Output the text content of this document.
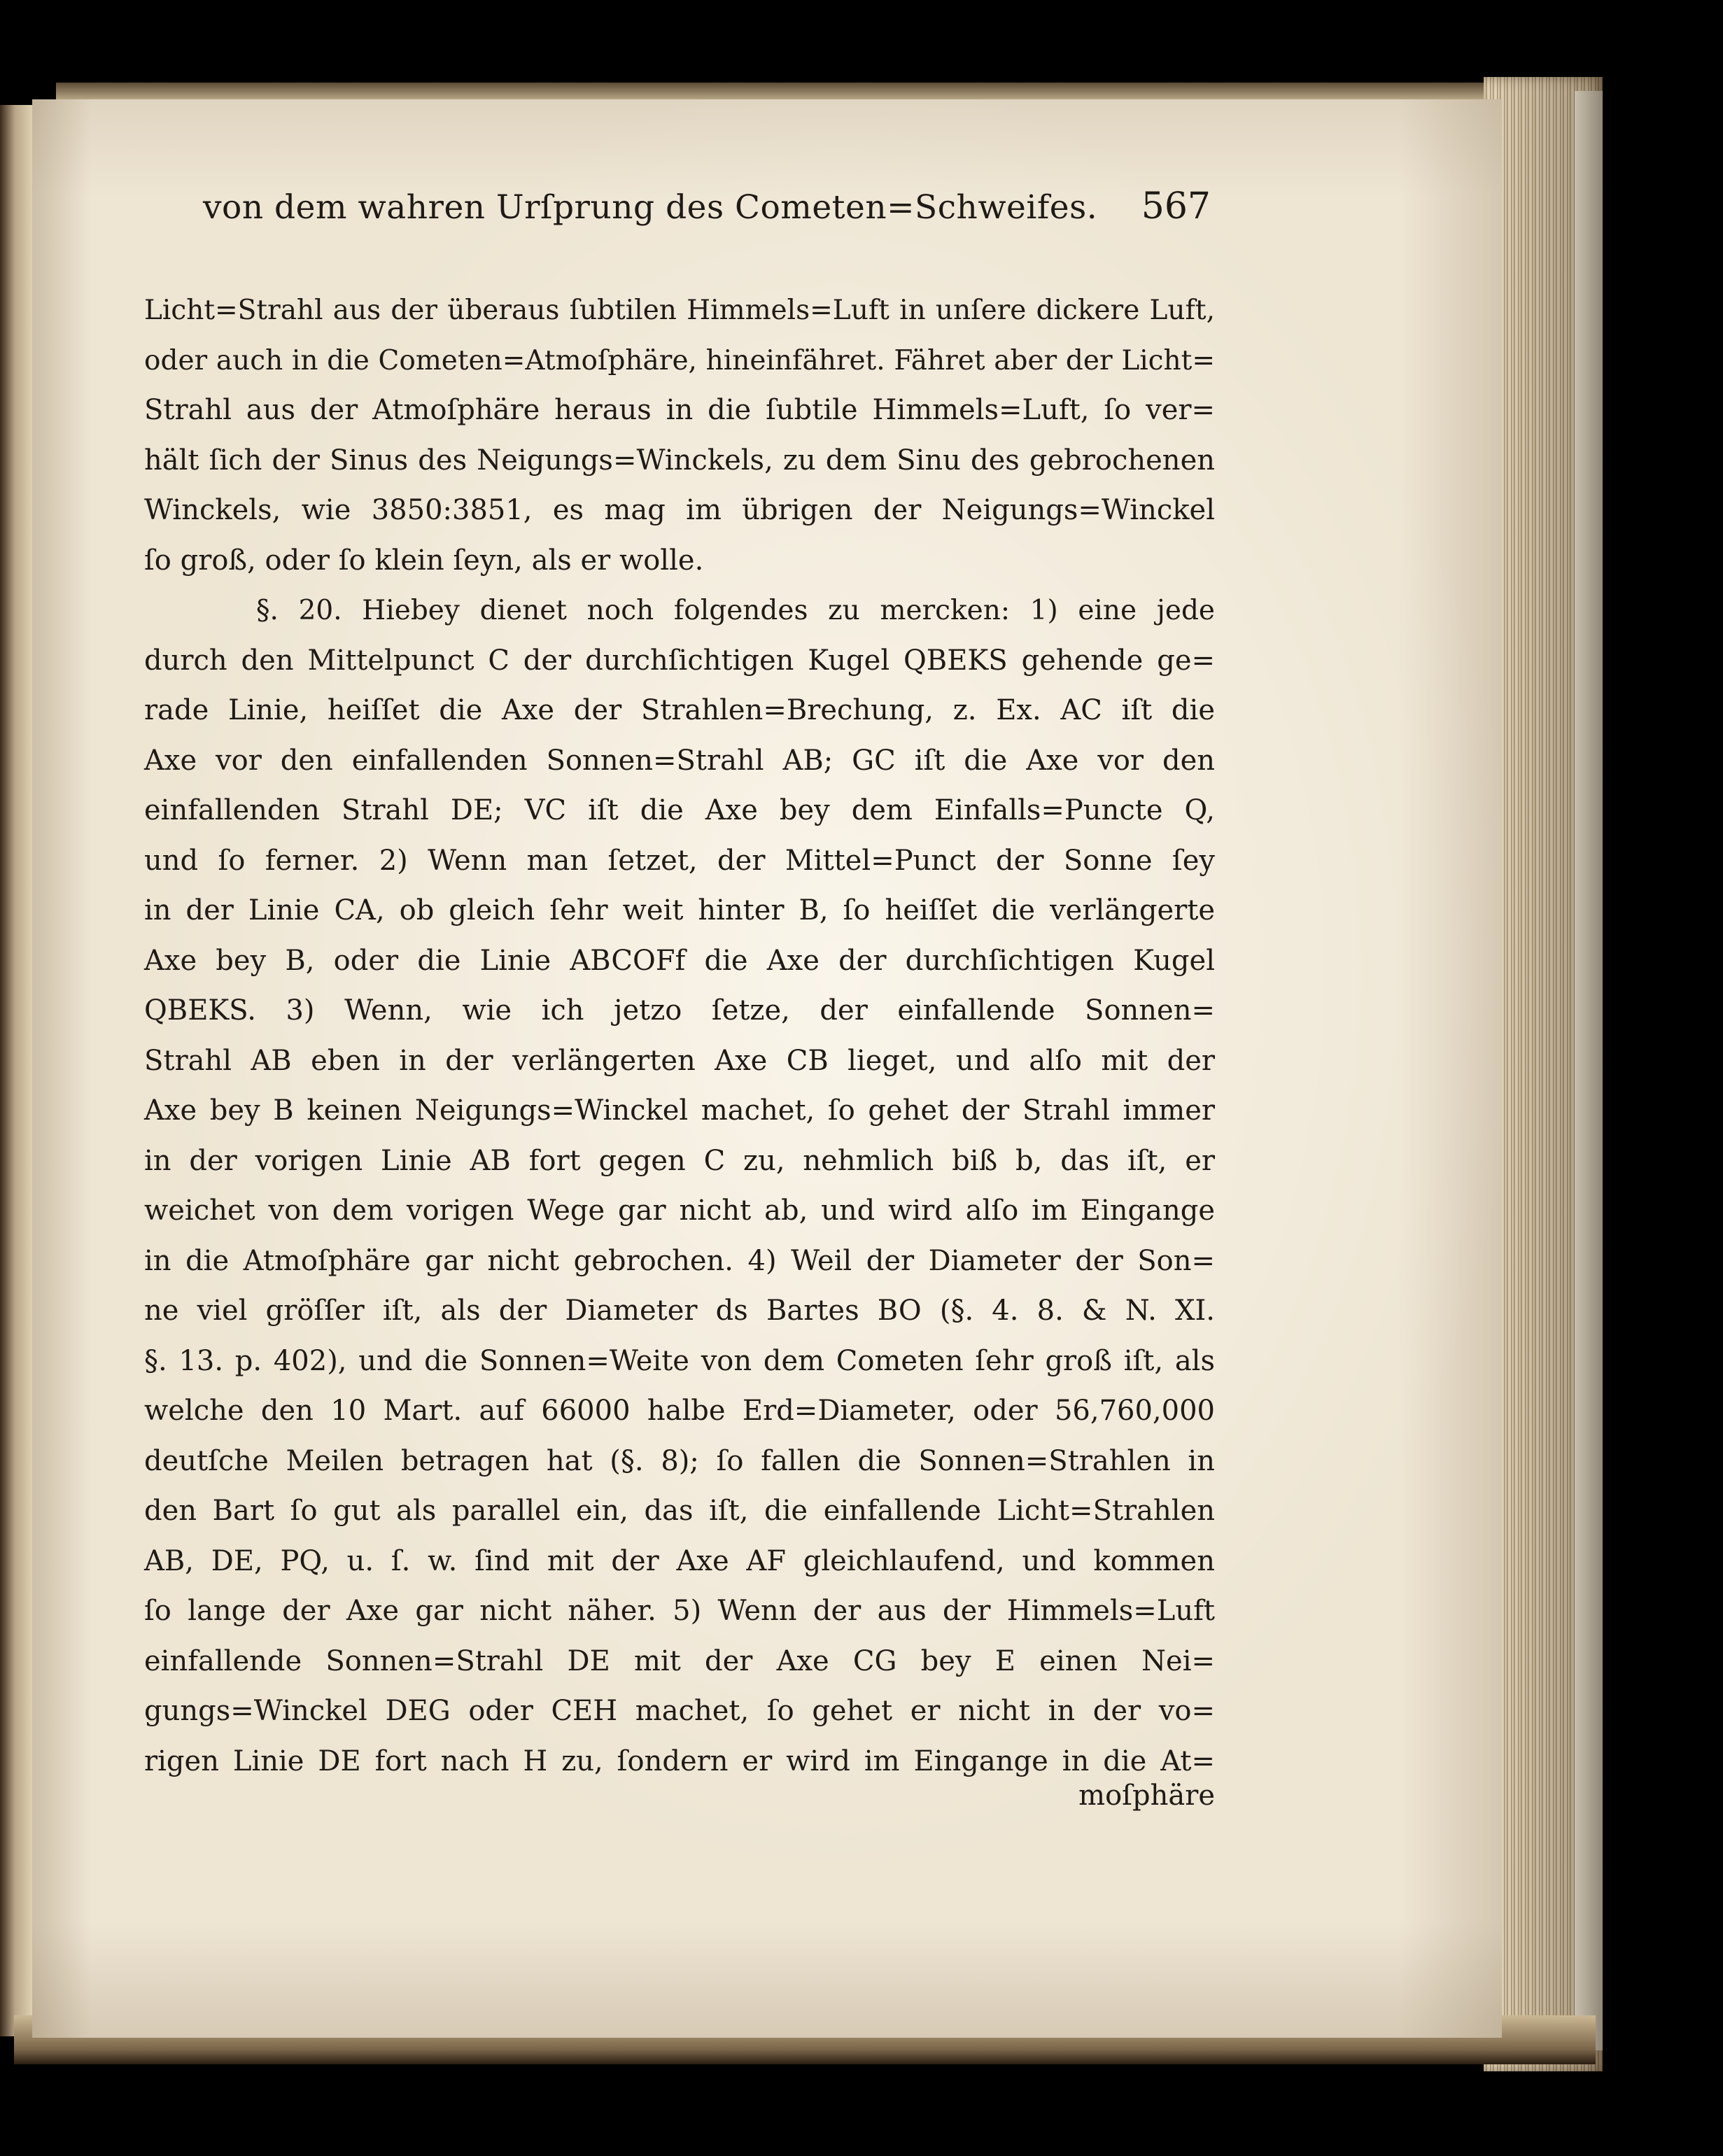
von dem wahren Urſprung des Cometen=Schweifes. 567
Licht=Strahl aus der überaus ſubtilen Himmels=Luft in unſere dickere Luft,
oder auch in die Cometen=Atmoſphäre, hineinfähret. Fähret aber der Licht=
Strahl aus der Atmoſphäre heraus in die ſubtile Himmels=Luft, ſo ver=
hält ſich der Sinus des Neigungs=Winckels, zu dem Sinu des gebrochenen
Winckels, wie 3850:3851, es mag im übrigen der Neigungs=Winckel
ſo groß, oder ſo klein ſeyn, als er wolle.
§. 20. Hiebey dienet noch folgendes zu mercken: 1) eine jede
durch den Mittelpunct C der durchſichtigen Kugel QBEKS gehende ge=
rade Linie, heiſſet die Axe der Strahlen=Brechung, z. Ex. AC iſt die
Axe vor den einfallenden Sonnen=Strahl AB; GC iſt die Axe vor den
einfallenden Strahl DE; VC iſt die Axe bey dem Einfalls=Puncte Q,
und ſo ferner. 2) Wenn man ſetzet, der Mittel=Punct der Sonne ſey
in der Linie CA, ob gleich ſehr weit hinter B, ſo heiſſet die verlängerte
Axe bey B, oder die Linie ABCOFf die Axe der durchſichtigen Kugel
QBEKS. 3) Wenn, wie ich jetzo ſetze, der einfallende Sonnen=
Strahl AB eben in der verlängerten Axe CB lieget, und alſo mit der
Axe bey B keinen Neigungs=Winckel machet, ſo gehet der Strahl immer
in der vorigen Linie AB fort gegen C zu, nehmlich biß b, das iſt, er
weichet von dem vorigen Wege gar nicht ab, und wird alſo im Eingange
in die Atmoſphäre gar nicht gebrochen. 4) Weil der Diameter der Son=
ne viel gröſſer iſt, als der Diameter ds Bartes BO (§. 4. 8. & N. XI.
§. 13. p. 402), und die Sonnen=Weite von dem Cometen ſehr groß iſt, als
welche den 10 Mart. auf 66000 halbe Erd=Diameter, oder 56,760,000
deutſche Meilen betragen hat (§. 8); ſo fallen die Sonnen=Strahlen in
den Bart ſo gut als parallel ein, das iſt, die einfallende Licht=Strahlen
AB, DE, PQ, u. ſ. w. ſind mit der Axe AF gleichlaufend, und kommen
ſo lange der Axe gar nicht näher. 5) Wenn der aus der Himmels=Luft
einfallende Sonnen=Strahl DE mit der Axe CG bey E einen Nei=
gungs=Winckel DEG oder CEH machet, ſo gehet er nicht in der vo=
rigen Linie DE fort nach H zu, ſondern er wird im Eingange in die At=
moſphäre
